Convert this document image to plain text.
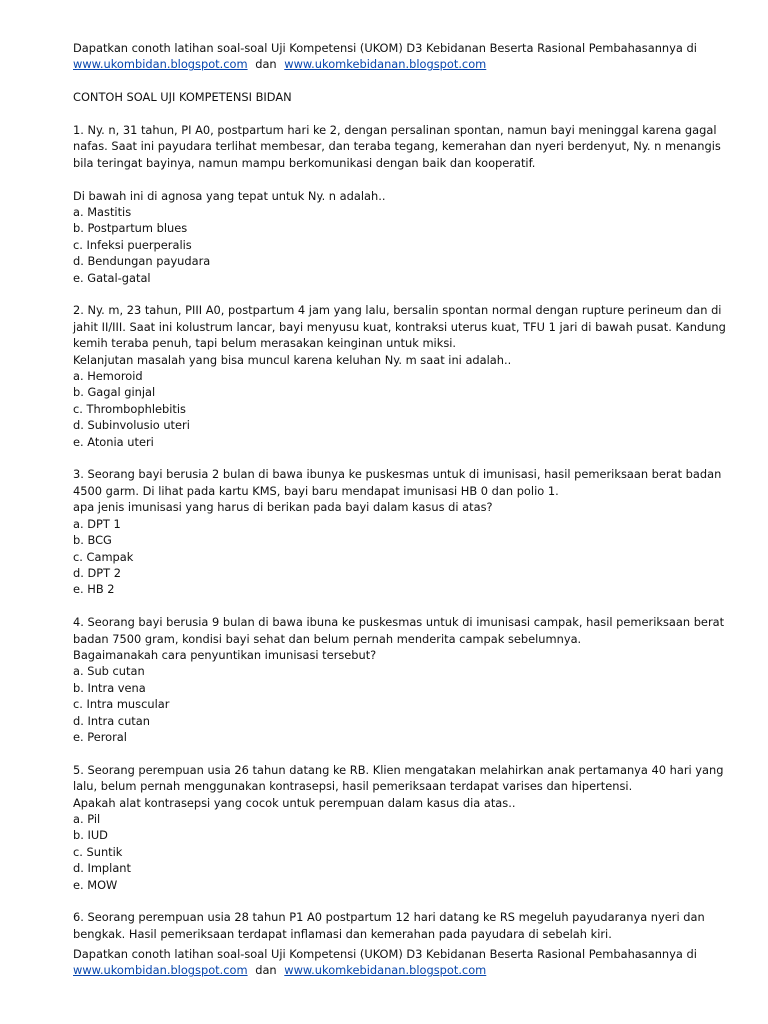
Dapatkan conoth latihan soal-soal Uji Kompetensi (UKOM) D3 Kebidanan Beserta Rasional Pembahasannya di
www.ukombidan.blogspot.com dan www.ukomkebidanan.blogspot.com
CONTOH SOAL UJI KOMPETENSI BIDAN
1. Ny. n, 31 tahun, PI A0, postpartum hari ke 2, dengan persalinan spontan, namun bayi meninggal karena gagal
nafas. Saat ini payudara terlihat membesar, dan teraba tegang, kemerahan dan nyeri berdenyut, Ny. n menangis
bila teringat bayinya, namun mampu berkomunikasi dengan baik dan kooperatif.
Di bawah ini di agnosa yang tepat untuk Ny. n adalah..
a. Mastitis
b. Postpartum blues
c. Infeksi puerperalis
d. Bendungan payudara
e. Gatal-gatal
2. Ny. m, 23 tahun, PIII A0, postpartum 4 jam yang lalu, bersalin spontan normal dengan rupture perineum dan di
jahit II/III. Saat ini kolustrum lancar, bayi menyusu kuat, kontraksi uterus kuat, TFU 1 jari di bawah pusat. Kandung
kemih teraba penuh, tapi belum merasakan keinginan untuk miksi.
Kelanjutan masalah yang bisa muncul karena keluhan Ny. m saat ini adalah..
a. Hemoroid
b. Gagal ginjal
c. Thrombophlebitis
d. Subinvolusio uteri
e. Atonia uteri
3. Seorang bayi berusia 2 bulan di bawa ibunya ke puskesmas untuk di imunisasi, hasil pemeriksaan berat badan
4500 garm. Di lihat pada kartu KMS, bayi baru mendapat imunisasi HB 0 dan polio 1.
apa jenis imunisasi yang harus di berikan pada bayi dalam kasus di atas?
a. DPT 1
b. BCG
c. Campak
d. DPT 2
e. HB 2
4. Seorang bayi berusia 9 bulan di bawa ibuna ke puskesmas untuk di imunisasi campak, hasil pemeriksaan berat
badan 7500 gram, kondisi bayi sehat dan belum pernah menderita campak sebelumnya.
Bagaimanakah cara penyuntikan imunisasi tersebut?
a. Sub cutan
b. Intra vena
c. Intra muscular
d. Intra cutan
e. Peroral
5. Seorang perempuan usia 26 tahun datang ke RB. Klien mengatakan melahirkan anak pertamanya 40 hari yang
lalu, belum pernah menggunakan kontrasepsi, hasil pemeriksaan terdapat varises dan hipertensi.
Apakah alat kontrasepsi yang cocok untuk perempuan dalam kasus dia atas..
a. Pil
b. IUD
c. Suntik
d. Implant
e. MOW
6. Seorang perempuan usia 28 tahun P1 A0 postpartum 12 hari datang ke RS megeluh payudaranya nyeri dan
bengkak. Hasil pemeriksaan terdapat inflamasi dan kemerahan pada payudara di sebelah kiri.
Dapatkan conoth latihan soal-soal Uji Kompetensi (UKOM) D3 Kebidanan Beserta Rasional Pembahasannya di
www.ukombidan.blogspot.com dan www.ukomkebidanan.blogspot.com
